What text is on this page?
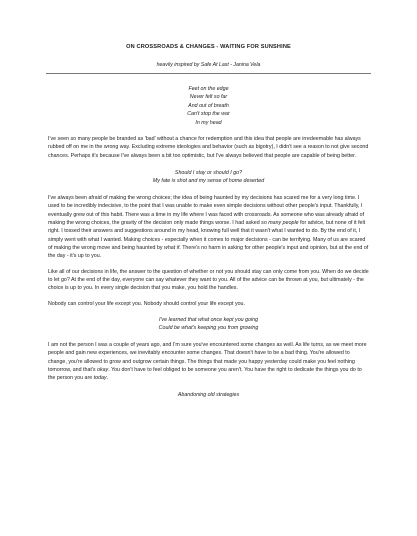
ON CROSSROADS & CHANGES - WAITING FOR SUNSHINE
heavily inspired by Safe At Last - Janina Vela
Feet on the edge
Never felt so far
And out of breath
Can't stop the war
In my head

I've seen so many people be branded as 'bad' without a chance for redemption and this idea that people are irredeemable has always rubbed off on me in the wrong way. Excluding extreme ideologies and behavior (such as bigotry), I didn't see a reason to not give second chances. Perhaps it's because I've always been a bit too optimistic, but I've always believed that people are capable of being better.

Should I stay or should I go?
My fate is shot and my sense of home deserted

I've always been afraid of making the wrong choices; the idea of being haunted by my decisions has scared me for a very long time. I used to be incredibly indecisive, to the point that I was unable to make even simple decisions without other people's input. Thankfully, I eventually grew out of this habit. There was a time in my life where I was faced with crossroads. As someone who was already afraid of making the wrong choices, the gravity of the decision only made things worse. I had asked so many people for advice, but none of it felt right. I tossed their answers and suggestions around in my head, knowing full well that it wasn't what I wanted to do. By the end of it, I simply went with what I wanted. Making choices - especially when it comes to major decisions - can be terrifying. Many of us are scared of making the wrong move and being haunted by what if. There's no harm in asking for other people's input and opinion, but at the end of the day - it's up to you.

Like all of our decisions in life, the answer to the question of whether or not you should stay can only come from you. When do we decide to let go? At the end of the day, everyone can say whatever they want to you. All of the advice can be thrown at you, but ultimately - the choice is up to you. In every single decision that you make, you hold the handles.

Nobody can control your life except you. Nobody should control your life except you.

I've learned that what once kept you going
Could be what's keeping you from growing

I am not the person I was a couple of years ago, and I'm sure you've encountered some changes as well. As life turns, as we meet more people and gain new experiences, we inevitably encounter some changes. That doesn't have to be a bad thing. You're allowed to change, you're allowed to grow and outgrow certain things. The things that made you happy yesterday could make you feel nothing tomorrow, and that's okay. You don't have to feel obliged to be someone you aren't. You have the right to dedicate the things you do to the person you are today.

Abandoning old strategies
